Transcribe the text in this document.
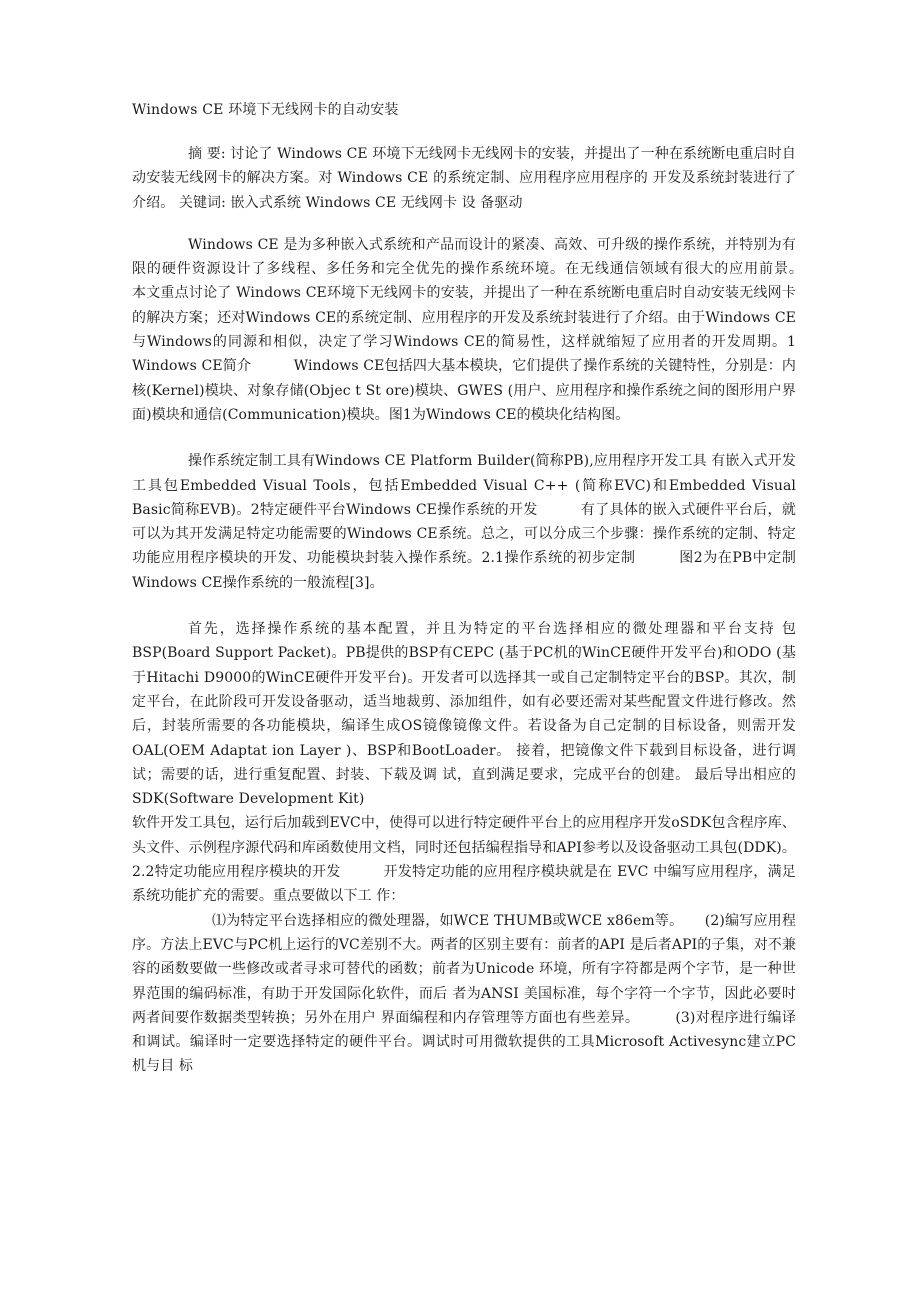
Windows CE 环境下无线网卡的自动安装

摘 要: 讨论了 Windows CE 环境下无线网卡无线网卡的安装，并提出了一种在系统断电重启时自动安装无线网卡的解决方案。对 Windows CE 的系统定制、应用程序应用程序的 开发及系统封装进行了介绍。 关键词: 嵌入式系统 Windows CE 无线网卡 设 备驱动

Windows CE 是为多种嵌入式系统和产品而设计的紧凑、高效、可升级的操作系统，并特别为有限的硬件资源设计了多线程、多任务和完全优先的操作系统环境。在无线通信领域有很大的应用前景。　　　本文重点讨论了 Windows CE环境下无线网卡的安装，并提出了一种在系统断电重启时自动安装无线网卡的解决方案；还对Windows CE的系统定制、应用程序的开发及系统封装进行了介绍。由于Windows CE与Windows的同源和相似，决定了学习Windows CE的简易性，这样就缩短了应用者的开发周期。1 Windows CE简介　　　Windows CE包括四大基本模块，它们提供了操作系统的关键特性，分别是：内核(Kernel)模块、对象存储(Objec t St ore)模块、GWES (用户、应用程序和操作系统之间的图形用户界面)模块和通信(Communication)模块。图1为Windows CE的模块化结构图。

操作系统定制工具有Windows CE Platform Builder(简称PB),应用程序开发工具 有嵌入式开发工具包Embedded Visual Tools，包括Embedded Visual C++ (简称EVC)和Embedded Visual Basic简称EVB)。2特定硬件平台Windows CE操作系统的开发　　　有了具体的嵌入式硬件平台后，就可以为其开发满足特定功能需要的Windows CE系统。总之，可以分成三个步骤：操作系统的定制、特定功能应用程序模块的开发、功能模块封装入操作系统。2.1操作系统的初步定制　　　图2为在PB中定制Windows CE操作系统的一般流程[3]。

首先，选择操作系统的基本配置，并且为特定的平台选择相应的微处理器和平台支持 包BSP(Board Support Packet)。PB提供的BSP有CEPC (基于PC机的WinCE硬件开发平台)和ODO (基于Hitachi D9000的WinCE硬件开发平台)。开发者可以选择其一或自己定制特定平台的BSP。其次，制定平台，在此阶段可开发设备驱动，适当地裁剪、添加组件，如有必要还需对某些配置文件进行修改。然后，封装所需要的各功能模块，编译生成OS镜像镜像文件。若设备为自己定制的目标设备，则需开发OAL(OEM Adaptat ion Layer )、BSP和BootLoader。 接着，把镜像文件下载到目标设备，进行调试；需要的话，进行重复配置、封装、下载及调 试，直到满足要求，完成平台的创建。 最后导出相应的SDK(Software Development Kit)

软件开发工具包，运行后加载到EVC中，使得可以进行特定硬件平台上的应用程序开发oSDK包含程序库、头文件、示例程序源代码和库函数使用文档，同时还包括编程指导和API参考以及设备驱动工具包(DDK)。2.2特定功能应用程序模块的开发　　　开发特定功能的应用程序模块就是在 EVC 中编写应用程序，满足系统功能扩充的需要。重点要做以下工 作：

⑴为特定平台选择相应的微处理器，如WCE THUMB或WCE x86em等。　　(2)编写应用程序。方法上EVC与PC机上运行的VC差别不大。两者的区别主要有：前者的API 是后者API的子集，对不兼容的函数要做一些修改或者寻求可替代的函数；前者为Unicode 环境，所有字符都是两个字节，是一种世界范围的编码标准，有助于开发国际化软件，而后 者为ANSI 美国标准，每个字符一个字节，因此必要时两者间要作数据类型转换；另外在用户 界面编程和内存管理等方面也有些差异。　　　(3)对程序进行编译和调试。编译时一定要选择特定的硬件平台。调试时可用微软提供的工具Microsoft Activesync建立PC机与目 标
